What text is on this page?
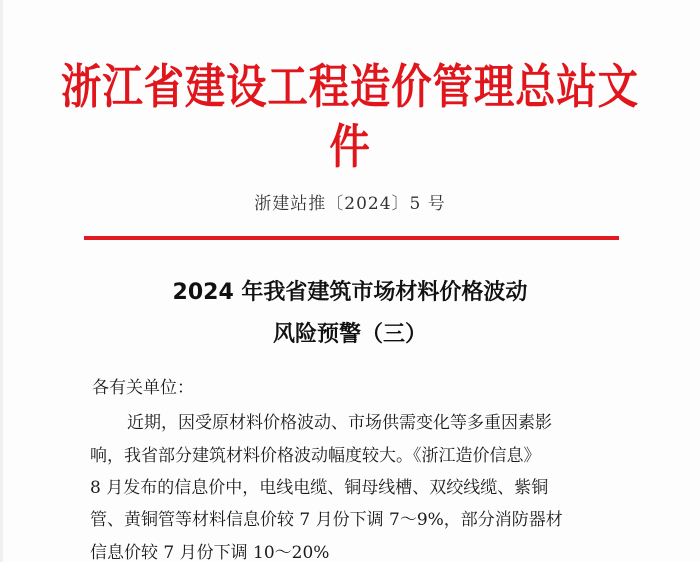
浙江省建设工程造价管理总站文件
浙建站推〔2024〕5 号
2024 年我省建筑市场材料价格波动
风险预警（三）
各有关单位：
近期，因受原材料价格波动、市场供需变化等多重因素影
响，我省部分建筑材料价格波动幅度较大。《浙江造价信息》
8 月发布的信息价中，电线电缆、铜母线槽、双绞线缆、紫铜
管、黄铜管等材料信息价较 7 月份下调 7～9%，部分消防器材
信息价较 7 月份下调 10～20%
